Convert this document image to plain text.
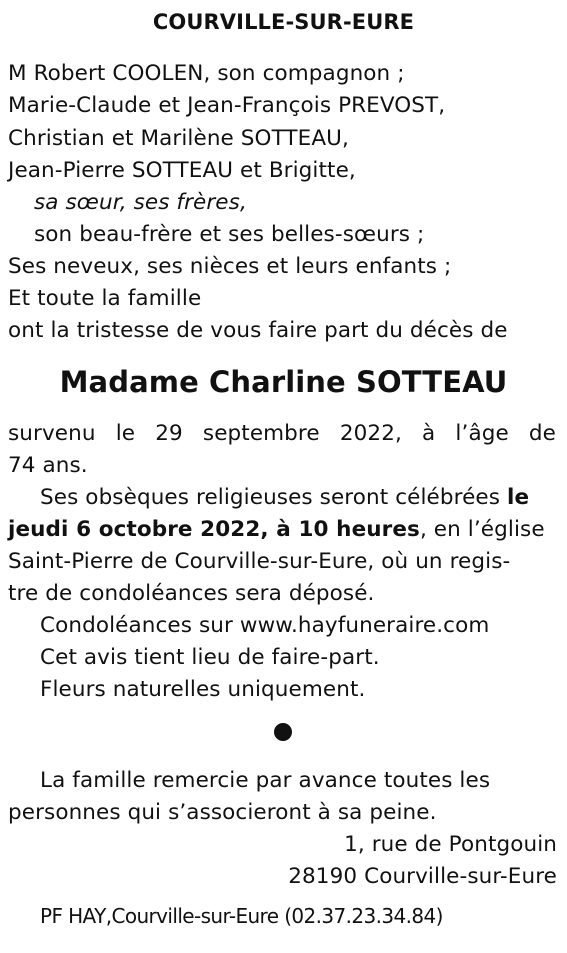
COURVILLE-SUR-EURE
M Robert COOLEN, son compagnon ;
Marie-Claude et Jean-François PREVOST,
Christian et Marilène SOTTEAU,
Jean-Pierre SOTTEAU et Brigitte,
sa sœur, ses frères,
son beau-frère et ses belles-sœurs ;
Ses neveux, ses nièces et leurs enfants ;
Et toute la famille
ont la tristesse de vous faire part du décès de
Madame Charline SOTTEAU
survenu le 29 septembre 2022, à l’âge de
74 ans.
Ses obsèques religieuses seront célébrées le
jeudi 6 octobre 2022, à 10 heures, en l’église
Saint-Pierre de Courville-sur-Eure, où un regis-
tre de condoléances sera déposé.
Condoléances sur www.hayfuneraire.com
Cet avis tient lieu de faire-part.
Fleurs naturelles uniquement.
La famille remercie par avance toutes les
personnes qui s’associeront à sa peine.
1, rue de Pontgouin
28190 Courville-sur-Eure
PF HAY,Courville-sur-Eure (02.37.23.34.84)
